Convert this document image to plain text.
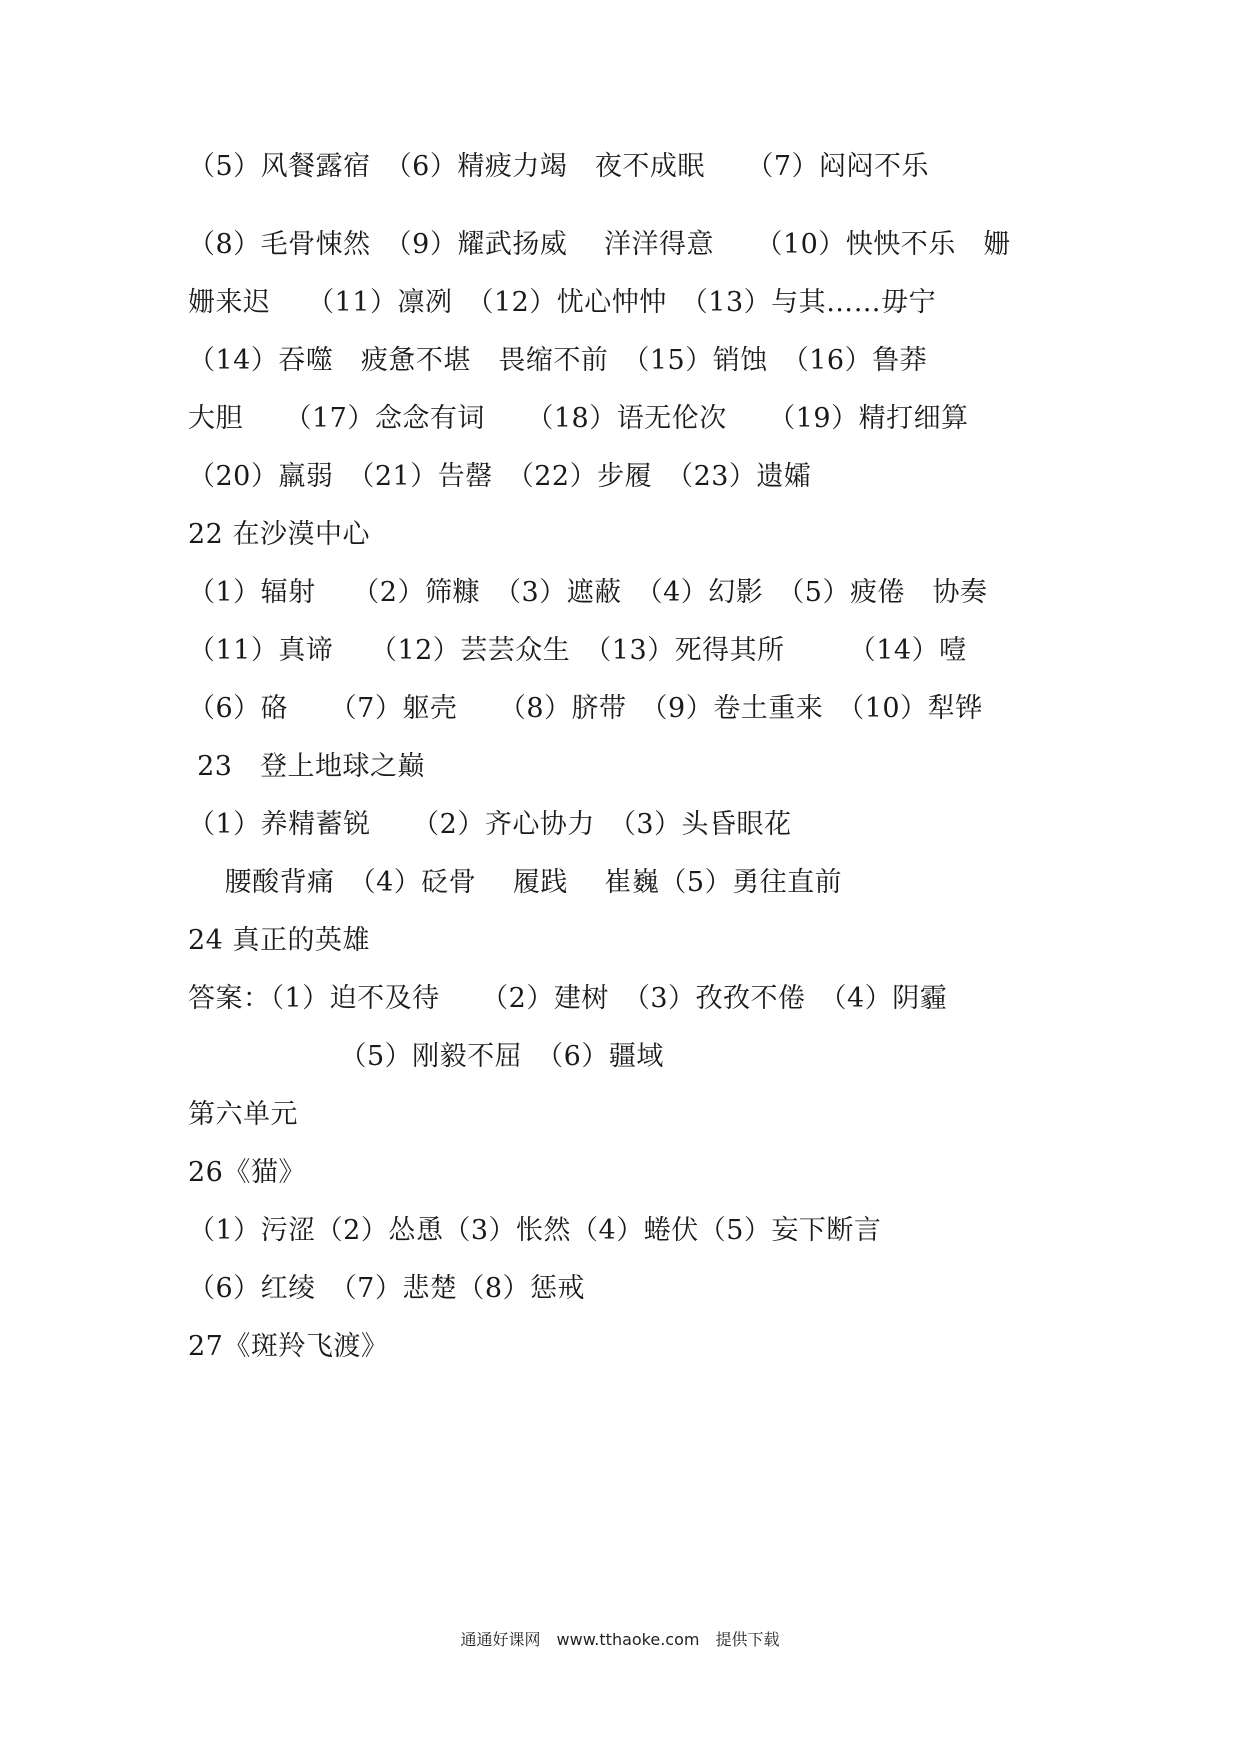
（5）风餐露宿　（6）精疲力竭　夜不成眠　　（7）闷闷不乐
（8）毛骨悚然　（9）耀武扬威　 洋洋得意　　（10）怏怏不乐　姗
姗来迟　 （11）凛冽　（12）忧心忡忡　（13）与其……毋宁
（14）吞噬　疲惫不堪　畏缩不前　（15）销蚀　（16）鲁莽
大胆　　（17）念念有词　　（18）语无伦次　　（19）精打细算
（20）羸弱　（21）告罄　（22）步履　（23）遗孀
22 在沙漠中心
（1）辐射　 （2）筛糠　（3）遮蔽　（4）幻影　（5）疲倦　协奏
（11）真谛　 （12）芸芸众生　（13）死得其所　　 （14）噎
（6）硌　　（7）躯壳　　（8）脐带　（9）卷土重来　（10）犁铧
23　登上地球之巅
（1）养精蓄锐　　（2）齐心协力　（3）头昏眼花
　 腰酸背痛　（4）砭骨　 履践　 崔巍（5）勇往直前
24 真正的英雄
答案：（1）迫不及待　　（2）建树　（3）孜孜不倦　（4）阴霾
　　　　　　（5）刚毅不屈　（6）疆域
第六单元
26《猫》
（1）污涩（2）怂恿（3）怅然（4）蜷伏（5）妄下断言
（6）红绫　（7）悲楚（8）惩戒
27《斑羚飞渡》
通通好课网　www.tthaoke.com　提供下载
